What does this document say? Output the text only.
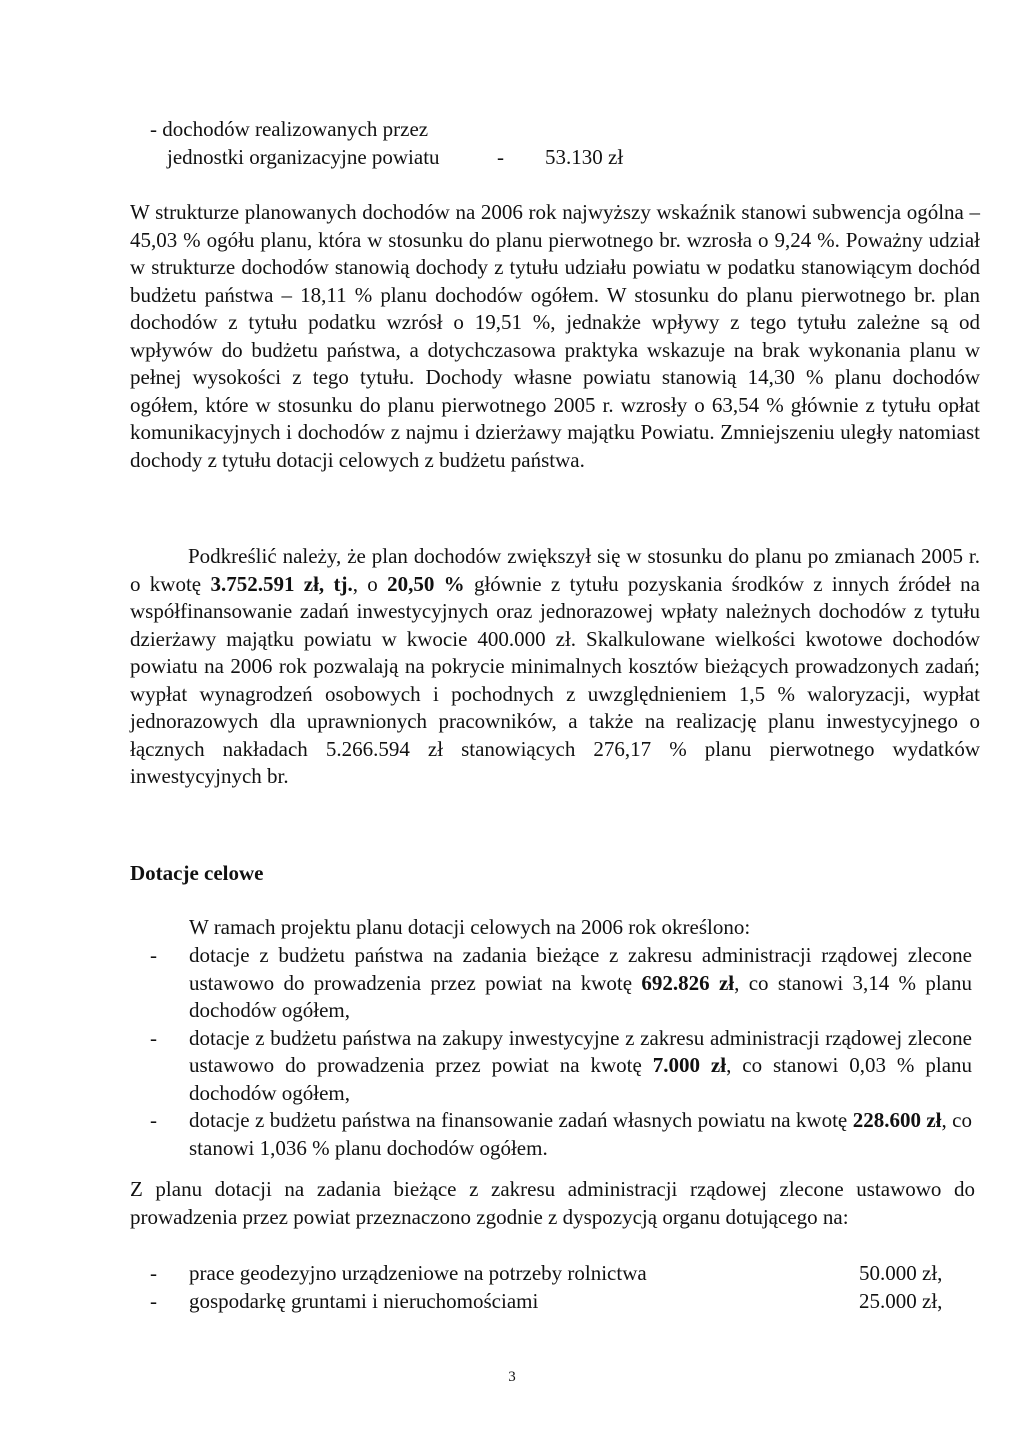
- dochodów realizowanych przez
jednostki organizacyjne powiatu	-	53.130 zł
W strukturze planowanych dochodów na 2006 rok najwyższy wskaźnik stanowi subwencja ogólna – 45,03 % ogółu planu, która w stosunku do planu pierwotnego br. wzrosła o 9,24 %. Poważny udział w strukturze dochodów stanowią dochody z tytułu udziału powiatu w podatku stanowiącym dochód budżetu państwa – 18,11 % planu dochodów ogółem. W stosunku do planu pierwotnego br. plan dochodów z tytułu podatku wzrósł o 19,51 %, jednakże wpływy z tego tytułu zależne są od wpływów do budżetu państwa, a dotychczasowa praktyka wskazuje na brak wykonania planu w pełnej wysokości z tego tytułu. Dochody własne powiatu stanowią 14,30 % planu dochodów ogółem, które w stosunku do planu pierwotnego 2005 r. wzrosły o 63,54 % głównie z tytułu opłat komunikacyjnych i dochodów z najmu i dzierżawy majątku Powiatu. Zmniejszeniu uległy natomiast dochody z tytułu dotacji celowych z budżetu państwa.
Podkreślić należy, że plan dochodów zwiększył się w stosunku do planu po zmianach 2005 r. o kwotę 3.752.591 zł, tj., o 20,50 % głównie z tytułu pozyskania środków z innych źródeł na współfinansowanie zadań inwestycyjnych oraz jednorazowej wpłaty należnych dochodów z tytułu dzierżawy majątku powiatu w kwocie 400.000 zł. Skalkulowane wielkości kwotowe dochodów powiatu na 2006 rok pozwalają na pokrycie minimalnych kosztów bieżących prowadzonych zadań; wypłat wynagrodzeń osobowych i pochodnych z uwzględnieniem 1,5 % waloryzacji, wypłat jednorazowych dla uprawnionych pracowników, a także na realizację planu inwestycyjnego o łącznych nakładach 5.266.594 zł stanowiących 276,17 % planu pierwotnego wydatków inwestycyjnych br.
Dotacje celowe
W ramach projektu planu dotacji celowych na 2006 rok określono:
-	dotacje z budżetu państwa na zadania bieżące z zakresu administracji rządowej zlecone ustawowo do prowadzenia przez powiat na kwotę 692.826 zł, co stanowi 3,14 % planu dochodów ogółem,
-	dotacje z budżetu państwa na zakupy inwestycyjne z zakresu administracji rządowej zlecone ustawowo do prowadzenia przez powiat na kwotę 7.000 zł, co stanowi 0,03 % planu dochodów ogółem,
-	dotacje z budżetu państwa na finansowanie zadań własnych powiatu na kwotę 228.600 zł, co stanowi 1,036 % planu dochodów ogółem.
Z planu dotacji na zadania bieżące z zakresu administracji rządowej zlecone ustawowo do prowadzenia przez powiat przeznaczono zgodnie z dyspozycją organu dotującego na:
-	prace geodezyjno urządzeniowe na potrzeby rolnictwa	50.000 zł,
-	gospodarkę gruntami i nieruchomościami	25.000 zł,
3
